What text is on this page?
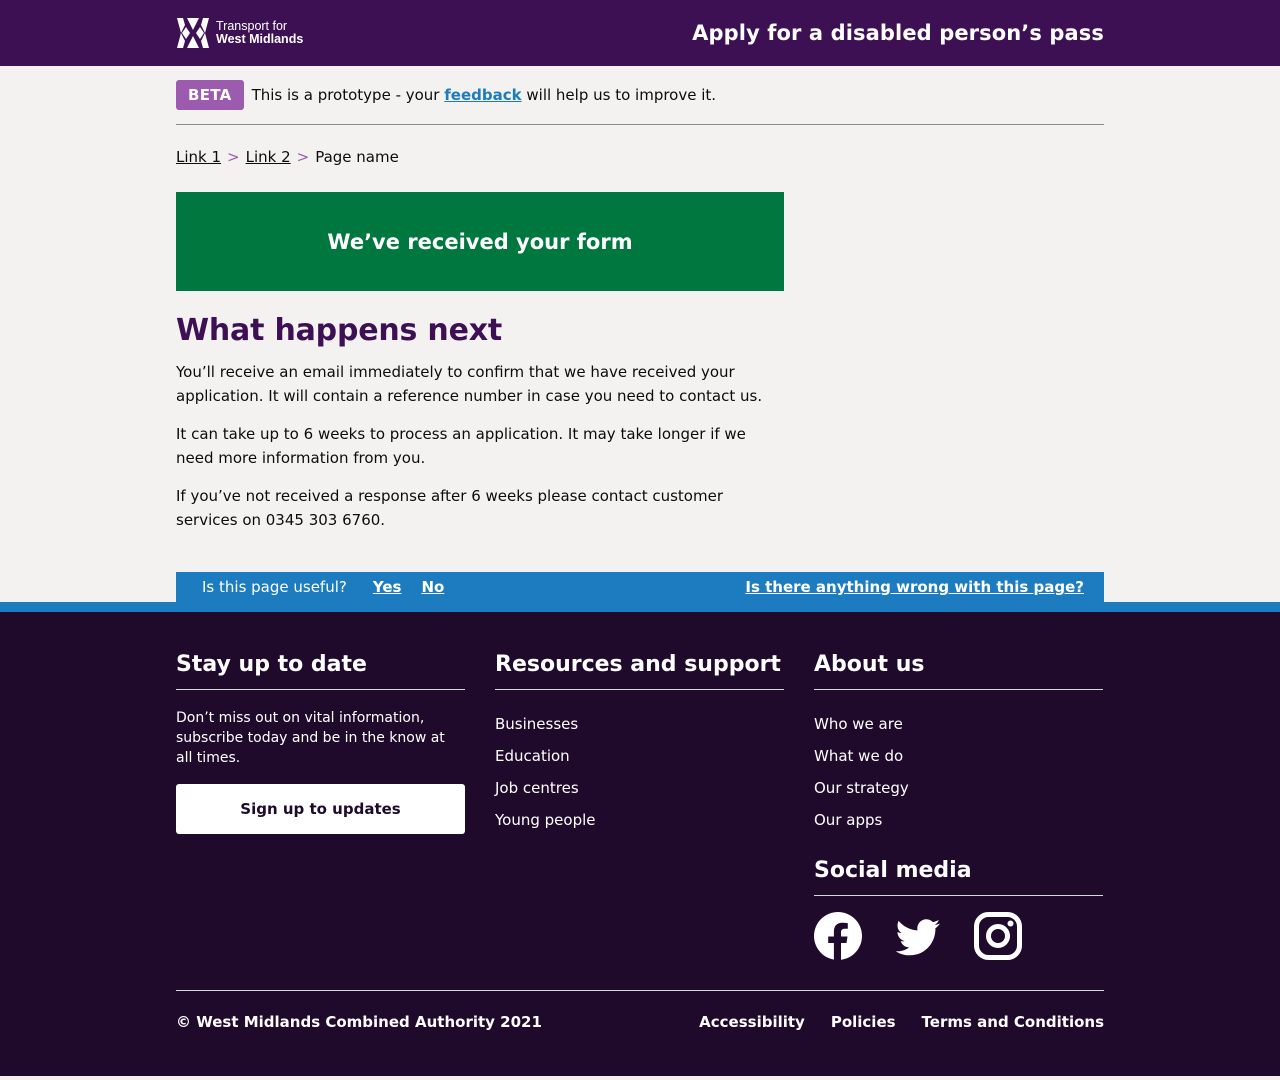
Transport for
West Midlands	Apply for a disabled person’s pass
BETA	This is a prototype - your feedback will help us to improve it.
Link 1 > Link 2 > Page name
We’ve received your form
What happens next

You’ll receive an email immediately to confirm that we have received your application. It will contain a reference number in case you need to contact us.

It can take up to 6 weeks to process an application. It may take longer if we need more information from you.

If you’ve not received a response after 6 weeks please contact customer services on 0345 303 6760.

Is this page useful? Yes No	Is there anything wrong with this page?
Stay up to date

Don’t miss out on vital information, subscribe today and be in the know at all times.

Sign up to updates
Resources and support
Businesses
Education
Job centres
Young people
About us
Who we are
What we do
Our strategy
Our apps
Social media
© West Midlands Combined Authority 2021	Accessibility Policies Terms and Conditions
